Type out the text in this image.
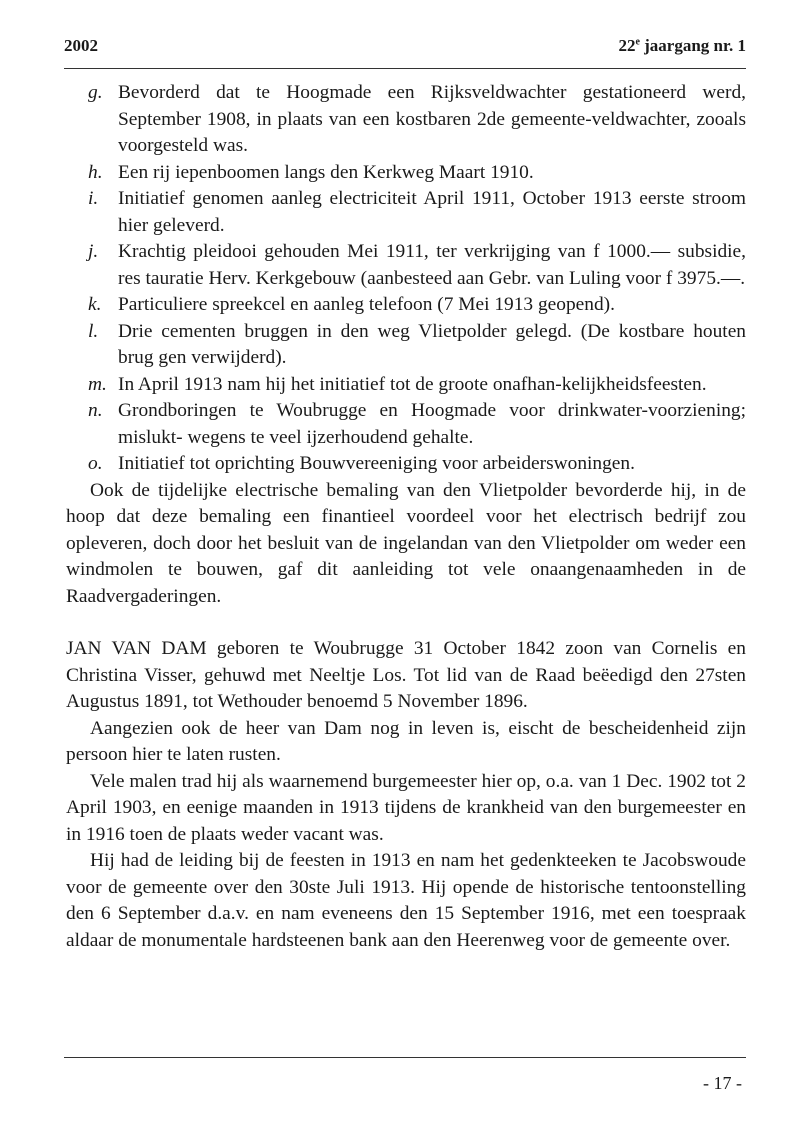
2002	22e jaargang nr. 1
g. Bevorderd dat te Hoogmade een Rijksveldwachter gestationeerd werd, September 1908, in plaats van een kostbaren 2de gemeente-veldwachter, zooals voorgesteld was.
h. Een rij iepenboomen langs den Kerkweg Maart 1910.
i. Initiatief genomen aanleg electriciteit April 1911, October 1913 eerste stroom hier geleverd.
j. Krachtig pleidooi gehouden Mei 1911, ter verkrijging van f 1000.— subsidie, res tauratie Herv. Kerkgebouw (aanbesteed aan Gebr. van Luling voor f 3975.—.
k. Particuliere spreekcel en aanleg telefoon (7 Mei 1913 geopend).
l. Drie cementen bruggen in den weg Vlietpolder gelegd. (De kostbare houten brug gen verwijderd).
m. In April 1913 nam hij het initiatief tot de groote onafhan-kelijkheidsfeesten.
n. Grondboringen te Woubrugge en Hoogmade voor drinkwater-voorziening; mislukt- wegens te veel ijzerhoudend gehalte.
o. Initiatief tot oprichting Bouwvereeniging voor arbeiderswoningen.

Ook de tijdelijke electrische bemaling van den Vlietpolder bevorderde hij, in de hoop dat deze bemaling een finantieel voordeel voor het electrisch bedrijf zou opleveren, doch door het besluit van de ingelandan van den Vlietpolder om weder een windmolen te bouwen, gaf dit aanleiding tot vele onaangenaamheden in de Raadvergaderingen.

JAN VAN DAM geboren te Woubrugge 31 October 1842 zoon van Cornelis en Christina Visser, gehuwd met Neeltje Los. Tot lid van de Raad beëedigd den 27sten Augustus 1891, tot Wethouder benoemd 5 November 1896.

Aangezien ook de heer van Dam nog in leven is, eischt de bescheidenheid zijn persoon hier te laten rusten.

Vele malen trad hij als waarnemend burgemeester hier op, o.a. van 1 Dec. 1902 tot 2 April 1903, en eenige maanden in 1913 tijdens de krankheid van den burgemeester en in 1916 toen de plaats weder vacant was.

Hij had de leiding bij de feesten in 1913 en nam het gedenkteeken te Jacobswoude voor de gemeente over den 30ste Juli 1913. Hij opende de historische tentoonstelling den 6 September d.a.v. en nam eveneens den 15 September 1916, met een toespraak aldaar de monumentale hardsteenen bank aan den Heerenweg voor de gemeente over.

- 17 -
